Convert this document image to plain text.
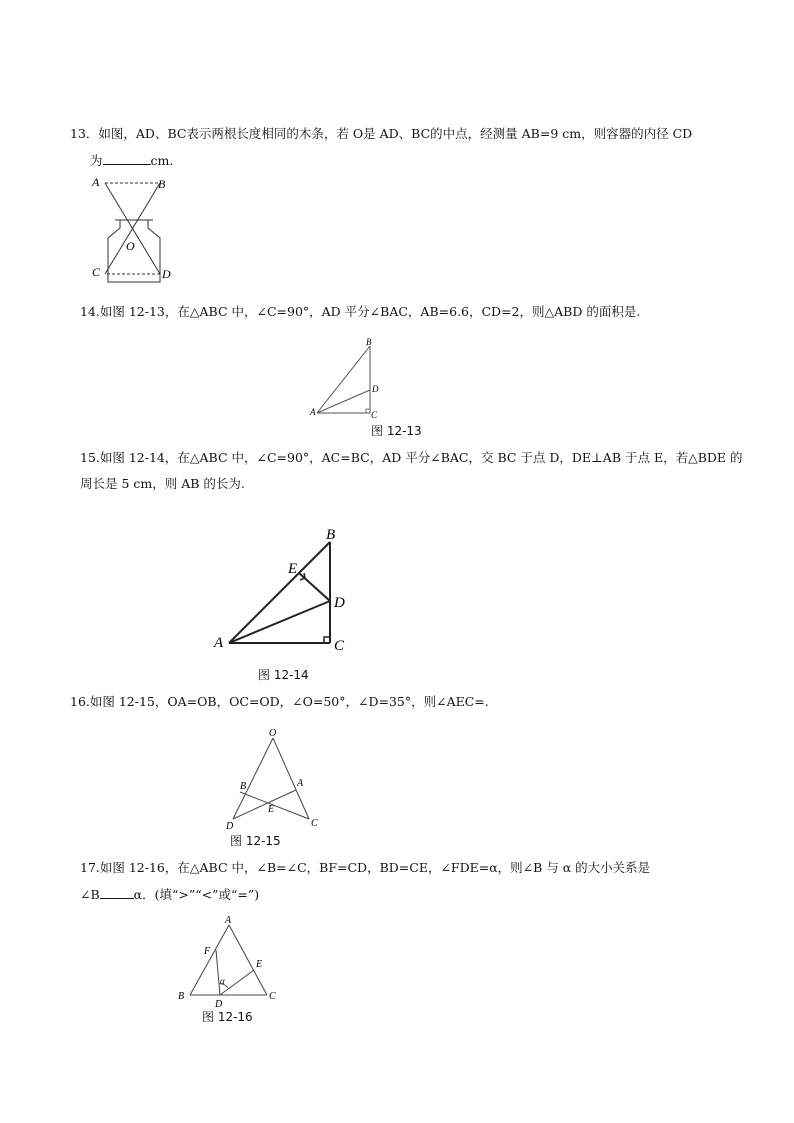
13．如图，AD、BC表示两根长度相同的木条，若 O是 AD、BC的中点，经测量 AB=9 cm，则容器的内径 CD
为	cm.
A	B
O
C	D
14.如图 12-13，在△ABC 中，∠C=90°，AD 平分∠BAC，AB=6.6，CD=2，则△ABD 的面积是.
B
D
A	C
图 12-13
15.如图 12-14，在△ABC 中，∠C=90°，AC=BC，AD 平分∠BAC，交 BC 于点 D，DE⊥AB 于点 E，若△BDE 的
周长是 5 cm，则 AB 的长为.
B
E
D
A	C
图 12-14
16.如图 12-15，OA=OB，OC=OD，∠O=50°，∠D=35°，则∠AEC=.
O
B	A
E
D	C
图 12-15
17.如图 12-16，在△ABC 中，∠B=∠C，BF=CD，BD=CE，∠FDE=α，则∠B 与 α 的大小关系是
∠B	α．(填“>”“<”或“=”)
A
F
E
α
B
D
C
图 12-16
